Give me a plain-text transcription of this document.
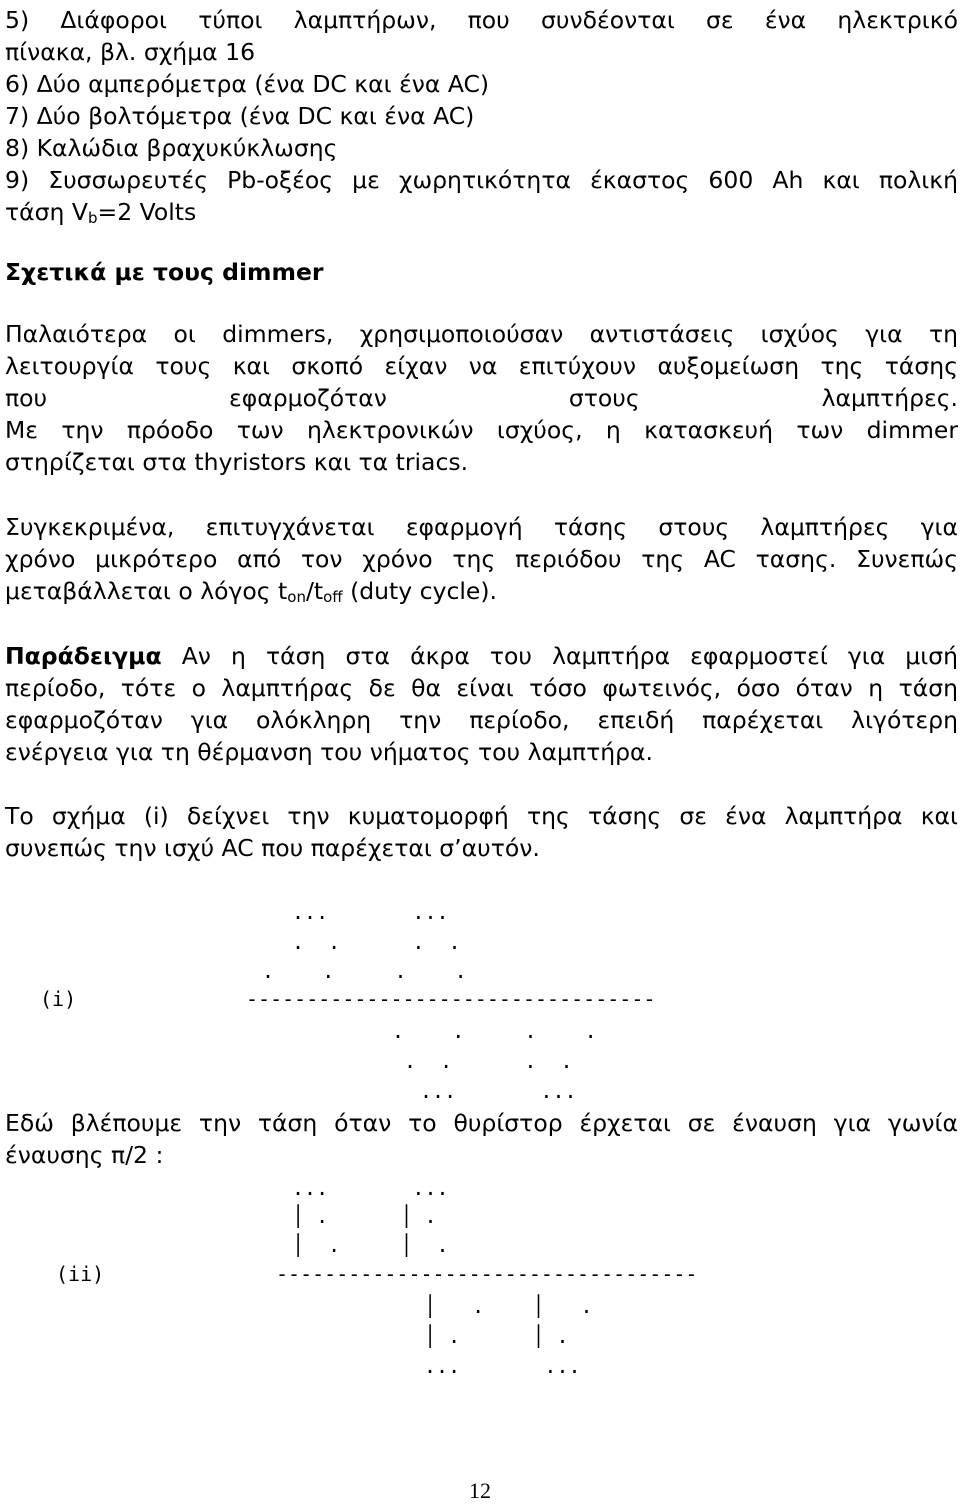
5) Διάφοροι τύποι λαμπτήρων, που συνδέονται σε ένα ηλεκτρικό
πίνακα, βλ. σχήμα 16
6) Δύο αμπερόμετρα (ένα DC και ένα AC)
7) Δύο βολτόμετρα (ένα DC και ένα AC)
8) Καλώδια βραχυκύκλωσης
9) Συσσωρευτές Pb-οξέος με χωρητικότητα έκαστος 600 Ah και πολική
τάση Vb=2 Volts
Σχετικά με τους dimmer
Παλαιότερα οι dimmers, χρησιμοποιούσαν αντιστάσεις ισχύος για τη
λειτουργία τους και σκοπό είχαν να επιτύχουν αυξομείωση της τάσης
που εφαρμοζόταν στους λαμπτήρες.
Με την πρόοδο των ηλεκτρονικών ισχύος, η κατασκευή των dimmer
στηρίζεται στα thyristors και τα triacs.
Συγκεκριμένα, επιτυγχάνεται εφαρμογή τάσης στους λαμπτήρες για
χρόνο μικρότερο από τον χρόνο της περιόδου της AC τασης. Συνεπώς
μεταβάλλεται ο λόγος ton/toff (duty cycle).
Παράδειγμα Αν η τάση στα άκρα του λαμπτήρα εφαρμοστεί για μισή
περίοδο, τότε ο λαμπτήρας δε θα είναι τόσο φωτεινός, όσο όταν η τάση
εφαρμοζόταν για ολόκληρη την περίοδο, επειδή παρέχεται λιγότερη
ενέργεια για τη θέρμανση του νήματος του λαμπτήρα.
Το σχήμα (i) δείχνει την κυματομορφή της τάσης σε ένα λαμπτήρα και
συνεπώς την ισχύ AC που παρέχεται σ’αυτόν.
(i)
...       ...
.  .      .  .
.    .     .    .
----------------------------------
.    .     .    .
.  .      .  .
...       ...
Εδώ βλέπουμε την τάση όταν το θυρίστορ έρχεται σε έναυση για γωνία
έναυσης π/2 :
(ii)
...       ...
│ .      │ .
│  .     │  .
-----------------------------------
│   .    │   .
│ .      │ .
...       ...
12
